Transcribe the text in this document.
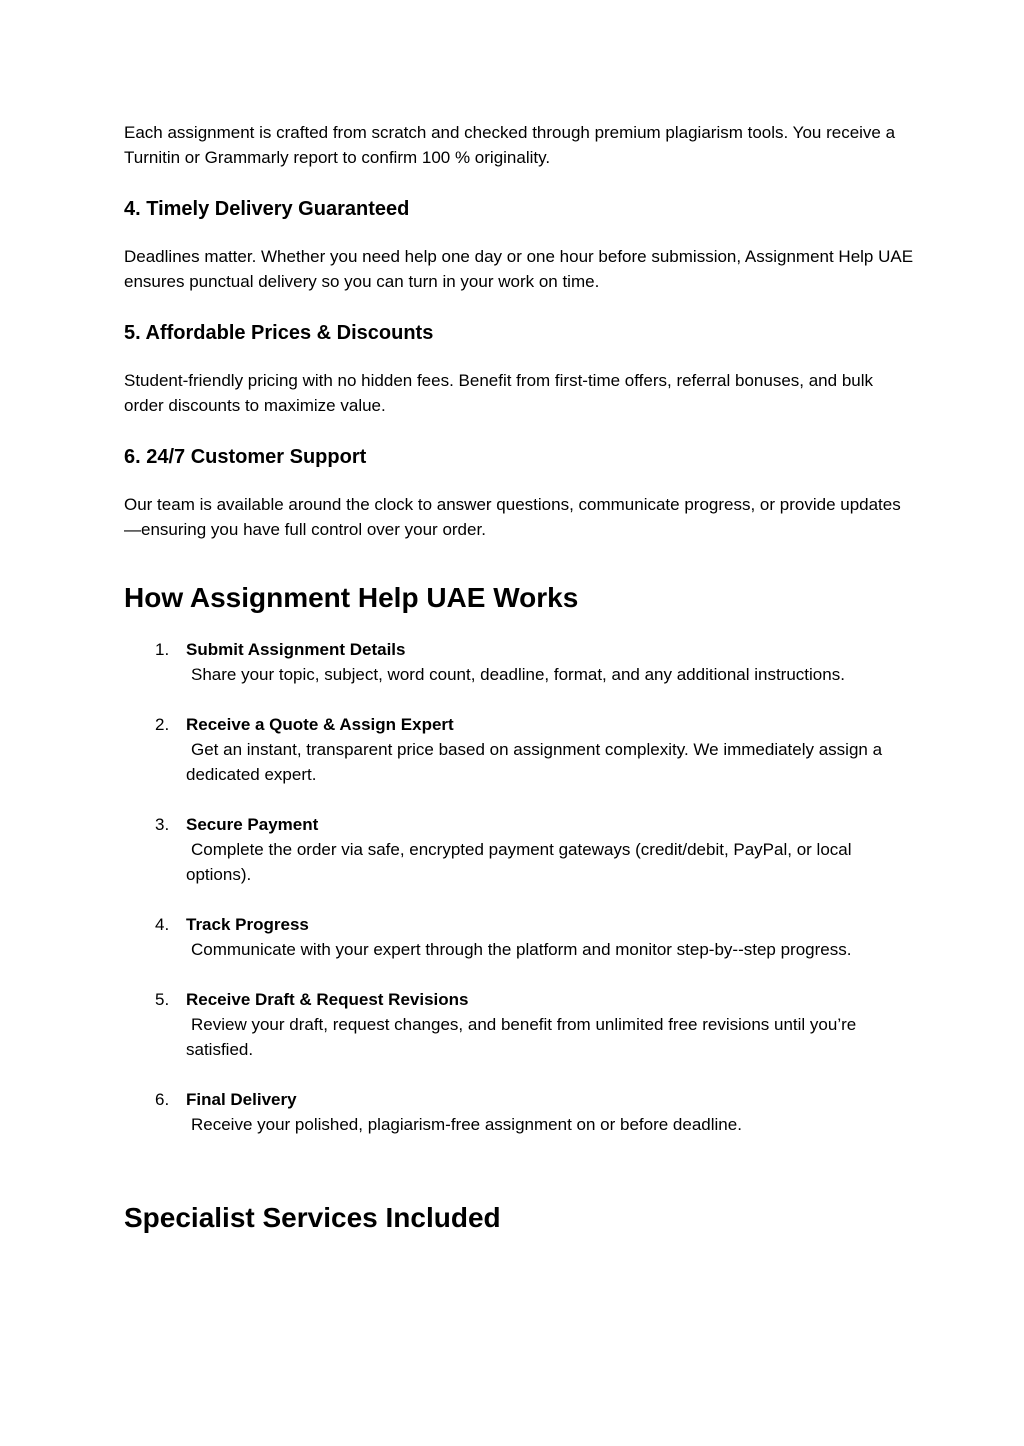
Each assignment is crafted from scratch and checked through premium plagiarism tools. You receive a Turnitin or Grammarly report to confirm 100 % originality.

4. Timely Delivery Guaranteed

Deadlines matter. Whether you need help one day or one hour before submission, Assignment Help UAE ensures punctual delivery so you can turn in your work on time.

5. Affordable Prices & Discounts

Student‑friendly pricing with no hidden fees. Benefit from first‑time offers, referral bonuses, and bulk order discounts to maximize value.

6. 24/7 Customer Support

Our team is available around the clock to answer questions, communicate progress, or provide updates—ensuring you have full control over your order.

How Assignment Help UAE Works
1. Submit Assignment Details
Share your topic, subject, word count, deadline, format, and any additional instructions.
2. Receive a Quote & Assign Expert
Get an instant, transparent price based on assignment complexity. We immediately assign a dedicated expert.
3. Secure Payment
Complete the order via safe, encrypted payment gateways (credit/debit, PayPal, or local options).
4. Track Progress
Communicate with your expert through the platform and monitor step‑by‑‑step progress.
5. Receive Draft & Request Revisions
Review your draft, request changes, and benefit from unlimited free revisions until you’re satisfied.
6. Final Delivery
Receive your polished, plagiarism‑free assignment on or before deadline.
Specialist Services Included
